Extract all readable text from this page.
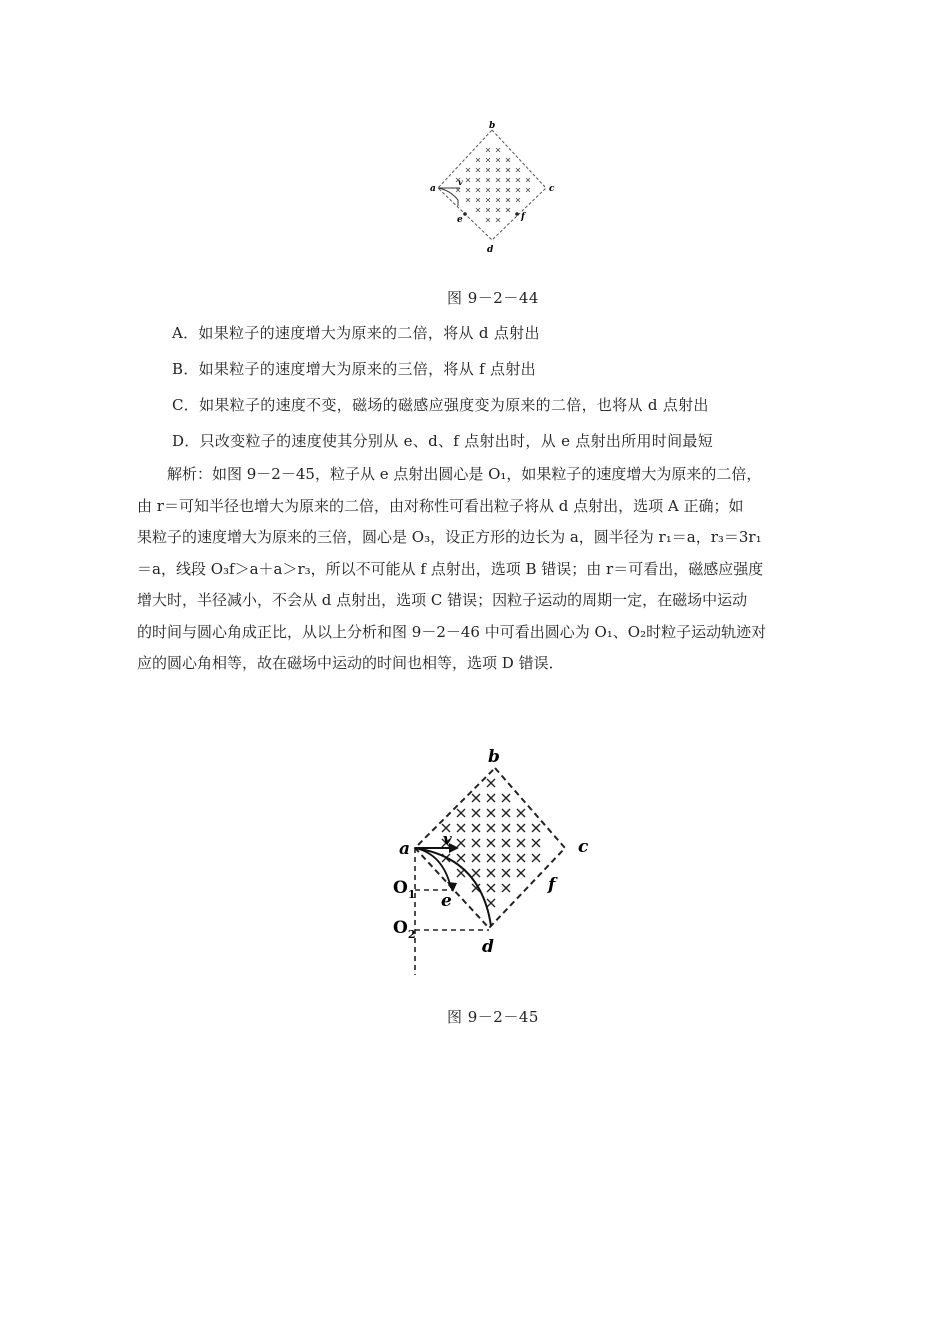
b
a	c
d
e	f
v
图 9－2－44
A．如果粒子的速度增大为原来的二倍，将从 d 点射出
B．如果粒子的速度增大为原来的三倍，将从 f 点射出
C．如果粒子的速度不变，磁场的磁感应强度变为原来的二倍，也将从 d 点射出
D．只改变粒子的速度使其分别从 e、d、f 点射出时，从 e 点射出所用时间最短

解析：如图 9－2－45，粒子从 e 点射出圆心是 O₁，如果粒子的速度增大为原来的二倍，

由 r＝可知半径也增大为原来的二倍，由对称性可看出粒子将从 d 点射出，选项 A 正确；如

果粒子的速度增大为原来的三倍，圆心是 O₃，设正方形的边长为 a，圆半径为 r₁＝a，r₃＝3r₁

＝a，线段 O₃f＞a＋a＞r₃，所以不可能从 f 点射出，选项 B 错误；由 r＝可看出，磁感应强度

增大时，半径减小，不会从 d 点射出，选项 C 错误；因粒子运动的周期一定，在磁场中运动

的时间与圆心角成正比，从以上分析和图 9－2－46 中可看出圆心为 O₁、O₂时粒子运动轨迹对

应的圆心角相等，故在磁场中运动的时间也相等，选项 D 错误．

b
a	c
d
e
f
v
$O_1$
$O_2$
图 9－2－45
